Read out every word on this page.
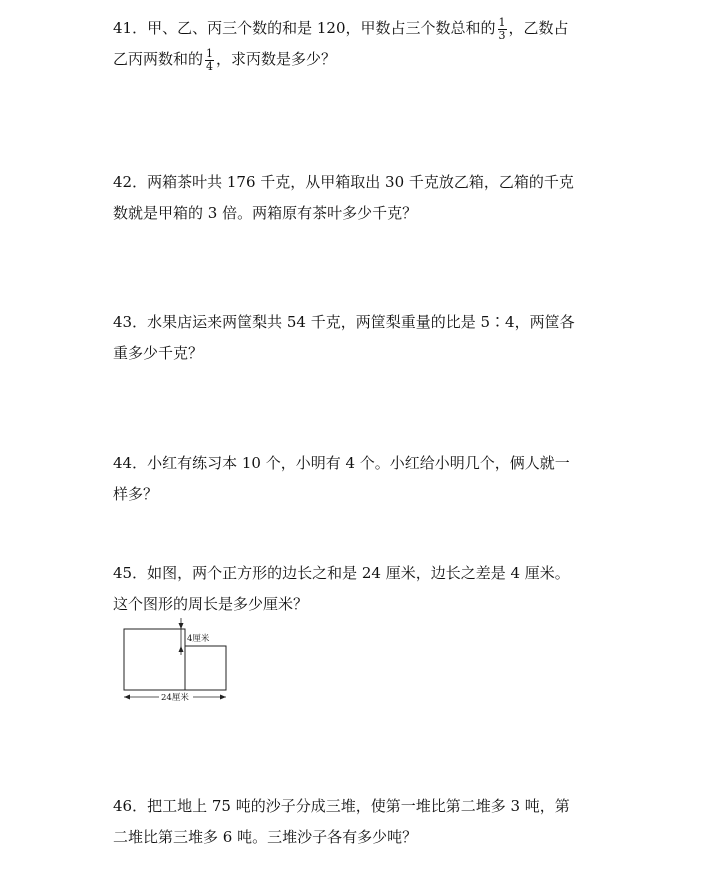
41．甲、乙、丙三个数的和是 120，甲数占三个数总和的 $\frac{1}{3}$ ，乙数占乙丙两数和的 $\frac{1}{4}$ ，求丙数是多少？
42．两箱茶叶共 176 千克，从甲箱取出 30 千克放乙箱，乙箱的千克数就是甲箱的 3 倍。两箱原有茶叶多少千克？
43．水果店运来两筐梨共 54 千克，两筐梨重量的比是 5∶4，两筐各重多少千克？
44．小红有练习本 10 个，小明有 4 个。小红给小明几个，俩人就一样多？
45．如图，两个正方形的边长之和是 24 厘米，边长之差是 4 厘米。这个图形的周长是多少厘米？
4厘米
24厘米
46．把工地上 75 吨的沙子分成三堆，使第一堆比第二堆多 3 吨，第二堆比第三堆多 6 吨。三堆沙子各有多少吨？
